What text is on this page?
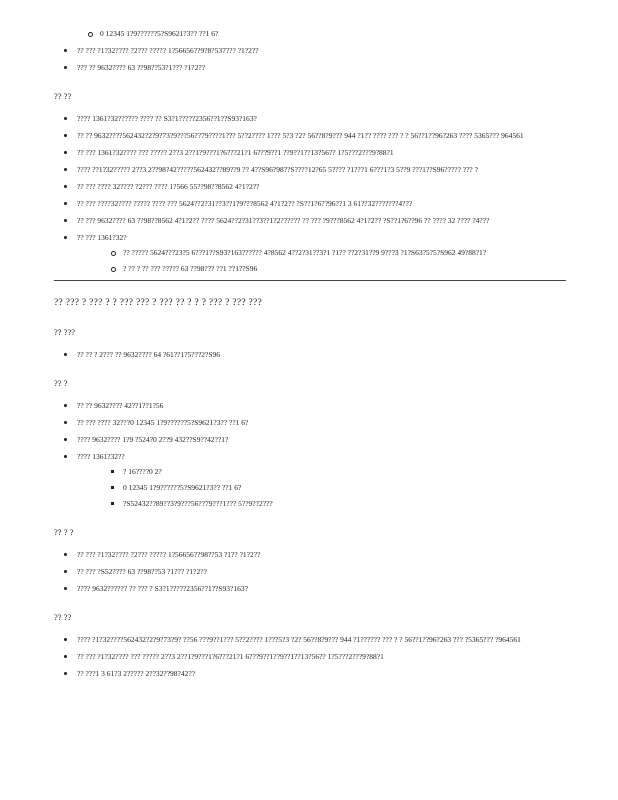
0 12345 1?9??????5?S9621?3?? ??1 6?
?? ??? ?1?32???? ?2??? ????? 1?56656??9?8?537??? ?1?2??
??? ?? 9632???? 63 ??98??53?1??? ?1?2??
?? ??
???? 1361?32?????? ???? ?? S3?1?????2356??1??S93?163?
?? ?? 9632????562432?2?9?73?9???56??79????1??? 5??2???? 1??? 5?3 ?2? 56??8?9??? 944 ?1?? ???? ??? ? ? 56??1??96?263 ???? 5365??? 964561
?? ??? 1361?32???? ??? ????? 2??3 2??1?9???1?6???21?1 6???9??1 ??9??1??13?56?? 1?5???2???9?88?1
???? ??1?32????? 2??3 2??98?42?????562432??89??9 ?? 4??S96?98??S????12?65 5???? ?1???1 6???1?3 5??9 ???1??S96????? ??? ?
?? ??? ???? 32???? ?2??? ???? 1?566 55??98??8562 4?1?2??
?? ??? ????32???? ????? ???? ??? 5624??2?31??3??1?9???8562 4?1?2?? ?S??1?6??96??1 3 61??32???????4???
?? ??? 9632???? 63 ??98??8562 4?1?2?? ???? 5624??2?31??3??1?2?????? ?? ??? ?9???8562 4?1?2?? ?S??1?6??96 ?? ???? 32 ???? ?4???
?? ??? 1361?32?
?? ????? 5624???23?5 6???1??S93?163?????? 4?8562 4??2?31??3?1 ?1?? ??2?31??9 9???3 ?1?S63?5?5?S962 49?88?1?
? ?? ? ?? ??? ????? 63 ??98??? ??1 ??1??S96
?? ??? ? ??? ? ? ??? ??? ? ??? ?? ? ? ? ??? ? ??? ???
?? ???
?? ?? ? 2??? ?? 9632???? 64 ?61??1?5???2?S96
?? ?
?? ?? 9632???? 42??1??1?56
?? ??? ???? 32???0 12345 1?9??????5?S9621?3?? ??1 6?
???? 9632???? 1?9 ?524?0 2??9 432??S9??42??1?
???? 1361?32??
? 16????0 2?
0 12345 1?9??????5?S9621?3?? ??1 6?
?S52432??89??3?9???56??79???1??? 5??9??2???
?? ? ?
?? ??? ?1?32???? ?2??? ????? 1?56656??98??53 ?1?? ?1?2??
?? ??? ?S52???? 63 ??98??53 ?1??? ?1?2??
???? 9632?????? ?? ??? ? S3?1?????2356??1??S93?163?
?? ??
???? ?1?32????562432?2?9?73?9? ??56 ???9??1??? 5??2???? 1???5?3 ?2? 56??8?9??? 944 ?1?????? ??? ? ? 56??1??96?263 ??? ?5365??? ?964561
?? ??? ?1?32???? ??? ????? 2??3 2??1?9???1?6???21?1 6???9??1??9??1??13?56?? 1?5???2???9?88?1
?? ???1 3 61?3 2????? 2??32??98?42??
